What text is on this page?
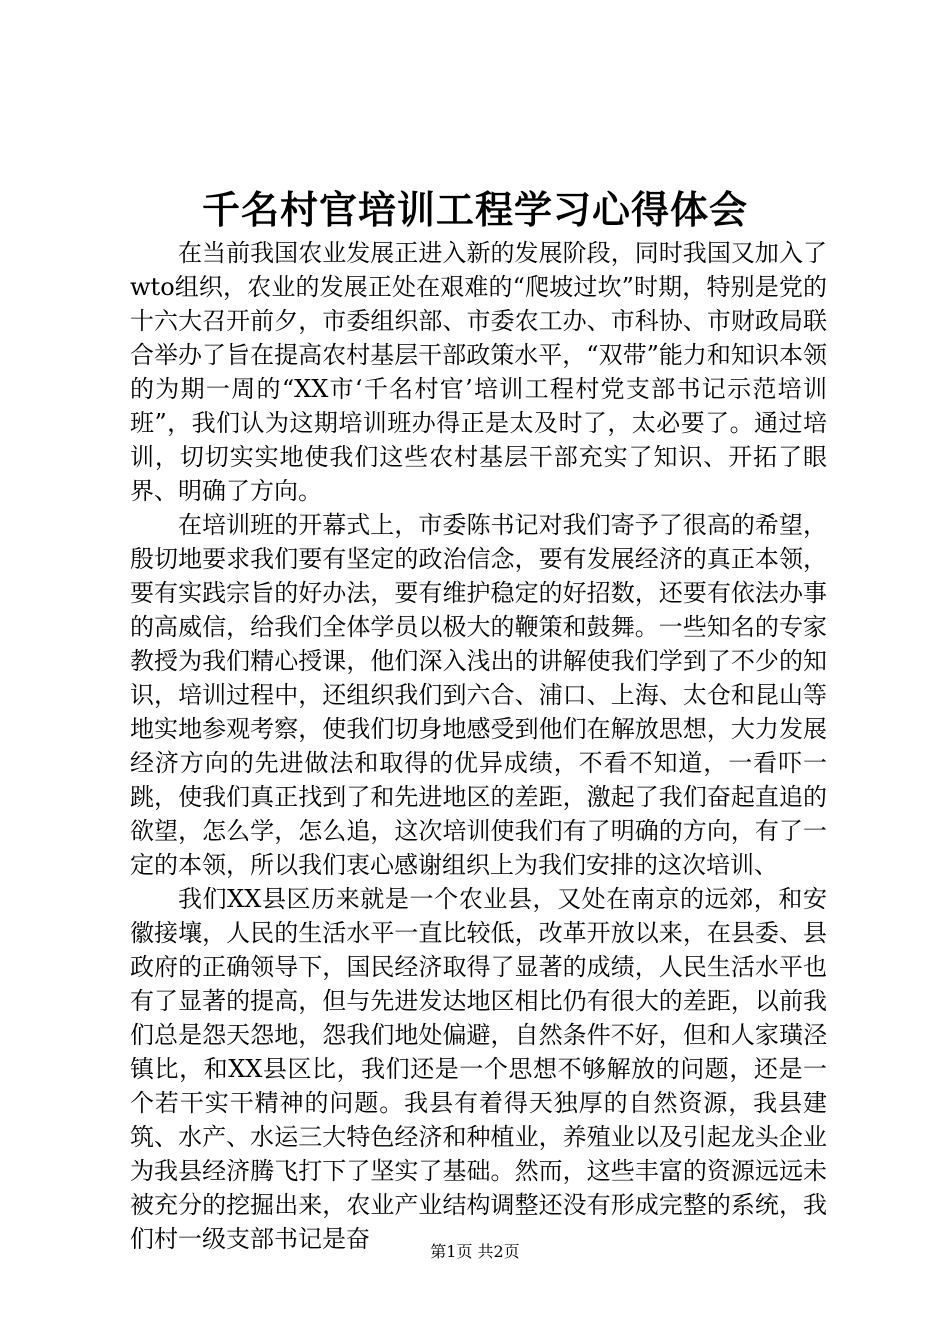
千名村官培训工程学习心得体会

在当前我国农业发展正进入新的发展阶段，同时我国又加入了wto组织，农业的发展正处在艰难的“爬坡过坎”时期，特别是党的十六大召开前夕，市委组织部、市委农工办、市科协、市财政局联合举办了旨在提高农村基层干部政策水平，“双带”能力和知识本领的为期一周的“XX市‘千名村官’培训工程村党支部书记示范培训班”，我们认为这期培训班办得正是太及时了，太必要了。通过培训，切切实实地使我们这些农村基层干部充实了知识、开拓了眼界、明确了方向。

在培训班的开幕式上，市委陈书记对我们寄予了很高的希望，殷切地要求我们要有坚定的政治信念，要有发展经济的真正本领，要有实践宗旨的好办法，要有维护稳定的好招数，还要有依法办事的高威信，给我们全体学员以极大的鞭策和鼓舞。一些知名的专家教授为我们精心授课，他们深入浅出的讲解使我们学到了不少的知识，培训过程中，还组织我们到六合、浦口、上海、太仓和昆山等地实地参观考察，使我们切身地感受到他们在解放思想，大力发展经济方向的先进做法和取得的优异成绩，不看不知道，一看吓一跳，使我们真正找到了和先进地区的差距，激起了我们奋起直追的欲望，怎么学，怎么追，这次培训使我们有了明确的方向，有了一定的本领，所以我们衷心感谢组织上为我们安排的这次培训、

我们XX县区历来就是一个农业县，又处在南京的远郊，和安徽接壤，人民的生活水平一直比较低，改革开放以来，在县委、县政府的正确领导下，国民经济取得了显著的成绩，人民生活水平也有了显著的提高，但与先进发达地区相比仍有很大的差距，以前我们总是怨天怨地，怨我们地处偏避，自然条件不好，但和人家璜泾镇比，和XX县区比，我们还是一个思想不够解放的问题，还是一个若干实干精神的问题。我县有着得天独厚的自然资源，我县建筑、水产、水运三大特色经济和种植业，养殖业以及引起龙头企业为我县经济腾飞打下了坚实了基础。然而，这些丰富的资源远远未被充分的挖掘出来，农业产业结构调整还没有形成完整的系统，我们村一级支部书记是奋	第1页 共2页
